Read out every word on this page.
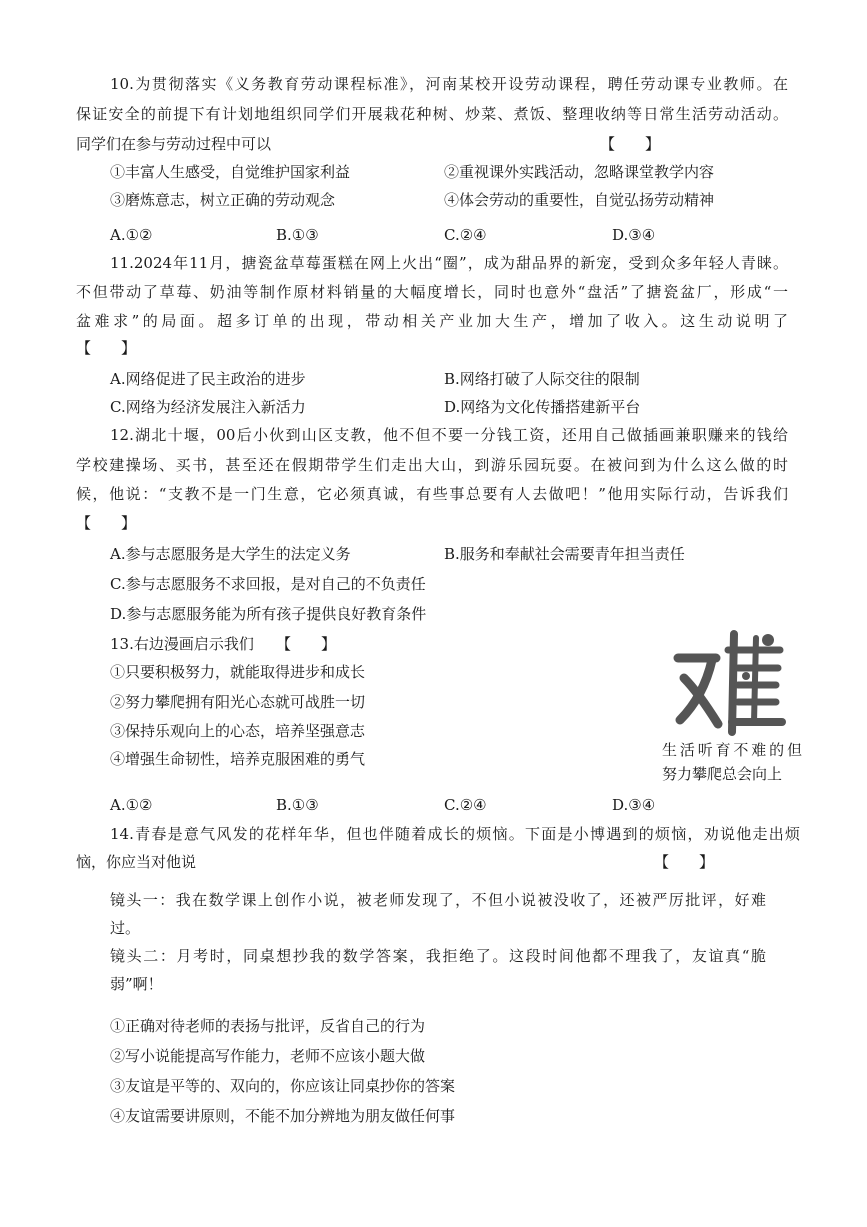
10.为贯彻落实《义务教育劳动课程标准》，河南某校开设劳动课程，聘任劳动课专业教师。在
保证安全的前提下有计划地组织同学们开展栽花种树、炒菜、煮饭、整理收纳等日常生活劳动活动。
同学们在参与劳动过程中可以	【　　】
①丰富人生感受，自觉维护国家利益	②重视课外实践活动，忽略课堂教学内容
③磨炼意志，树立正确的劳动观念	④体会劳动的重要性，自觉弘扬劳动精神
A.①②	B.①③	C.②④	D.③④
11.2024年11月，搪瓷盆草莓蛋糕在网上火出“圈”，成为甜品界的新宠，受到众多年轻人青睐。
不但带动了草莓、奶油等制作原材料销量的大幅度增长，同时也意外“盘活”了搪瓷盆厂，形成“一
盆难求”的局面。超多订单的出现，带动相关产业加大生产，增加了收入。这生动说明了
【　　】
A.网络促进了民主政治的进步	B.网络打破了人际交往的限制
C.网络为经济发展注入新活力	D.网络为文化传播搭建新平台
12.湖北十堰，00后小伙到山区支教，他不但不要一分钱工资，还用自己做插画兼职赚来的钱给
学校建操场、买书，甚至还在假期带学生们走出大山，到游乐园玩耍。在被问到为什么这么做的时
候，他说：“支教不是一门生意，它必须真诚，有些事总要有人去做吧！”他用实际行动，告诉我们
【　　】
A.参与志愿服务是大学生的法定义务	B.服务和奉献社会需要青年担当责任
C.参与志愿服务不求回报，是对自己的不负责任
D.参与志愿服务能为所有孩子提供良好教育条件
13.右边漫画启示我们 【　　】
①只要积极努力，就能取得进步和成长
②努力攀爬拥有阳光心态就可战胜一切
③保持乐观向上的心态，培养坚强意志
④增强生命韧性，培养克服困难的勇气	生活听育不难的但
努力攀爬总会向上
A.①②	B.①③	C.②④	D.③④
14.青春是意气风发的花样年华，但也伴随着成长的烦恼。下面是小博遇到的烦恼，劝说他走出烦
恼，你应当对他说	【　　】
镜头一：我在数学课上创作小说，被老师发现了，不但小说被没收了，还被严厉批评，好难
过。
镜头二：月考时，同桌想抄我的数学答案，我拒绝了。这段时间他都不理我了，友谊真“脆
弱”啊！
①正确对待老师的表扬与批评，反省自己的行为
②写小说能提高写作能力，老师不应该小题大做
③友谊是平等的、双向的，你应该让同桌抄你的答案
④友谊需要讲原则，不能不加分辨地为朋友做任何事
